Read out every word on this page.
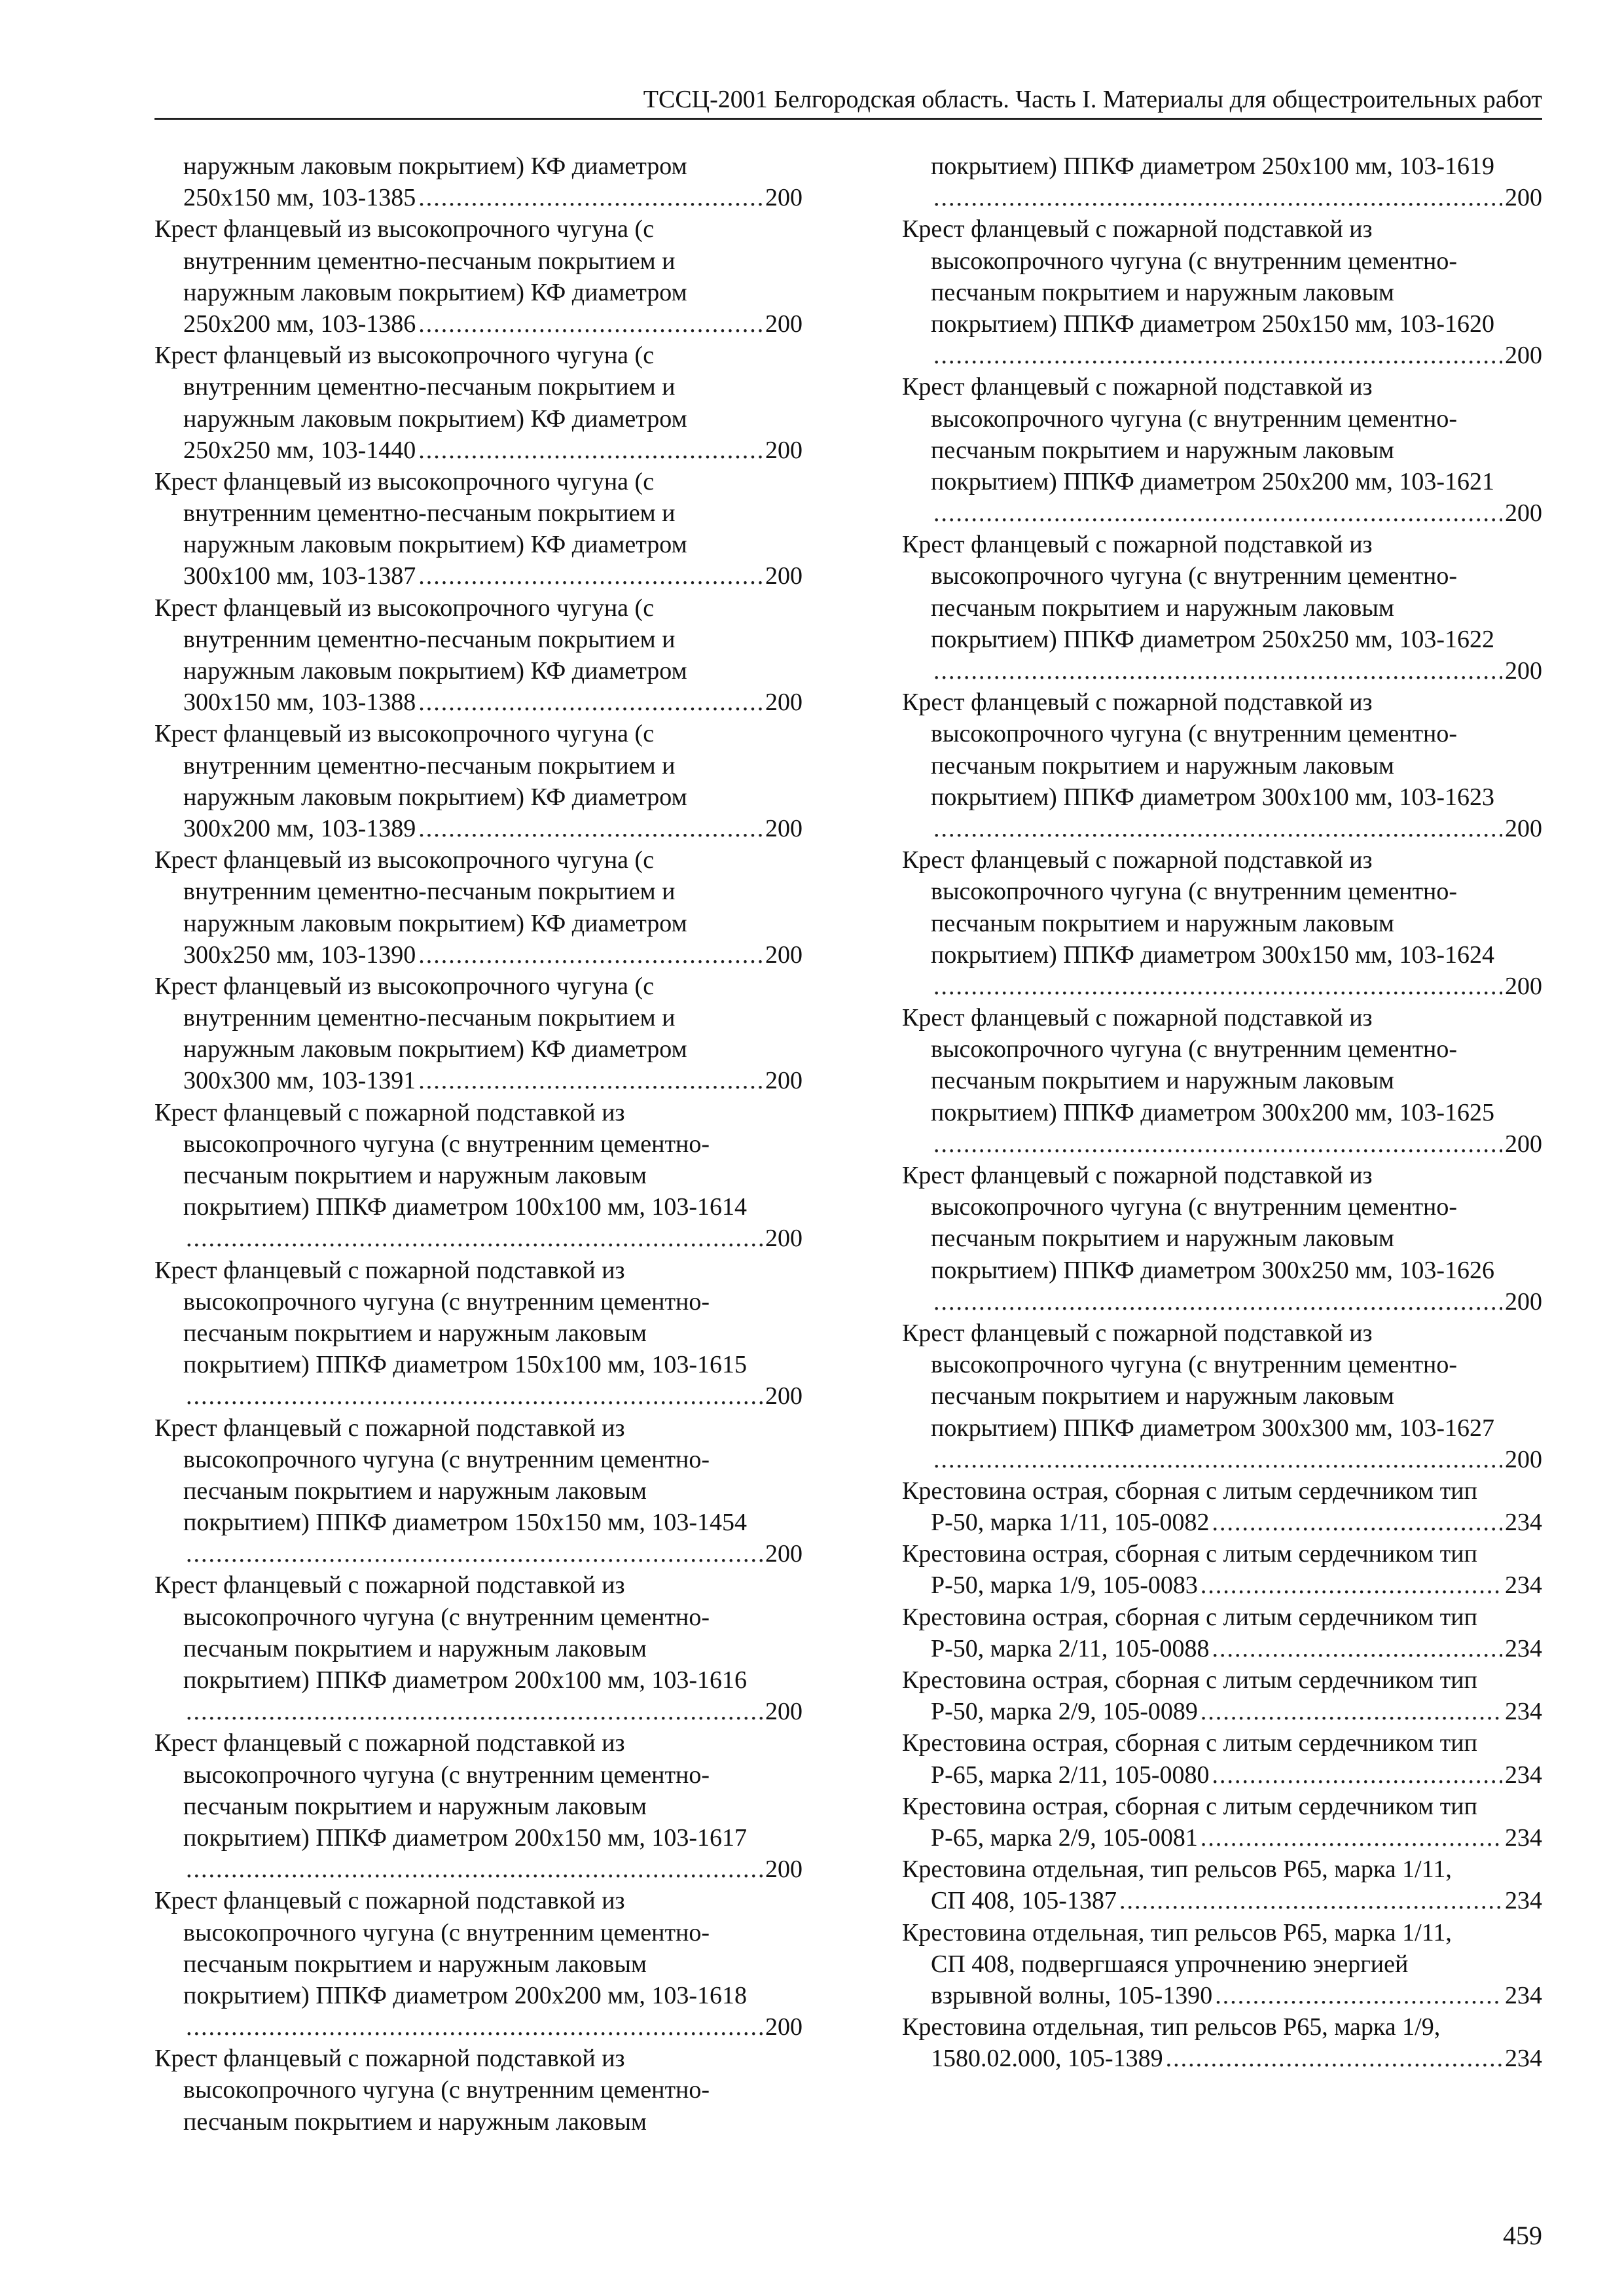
ТССЦ-2001 Белгородская область. Часть I. Материалы для общестроительных работ
наружным лаковым покрытием) КФ диаметром
250х150 мм, 103-1385 .....	200
Крест фланцевый из высокопрочного чугуна (с
внутренним цементно-песчаным покрытием и
наружным лаковым покрытием) КФ диаметром
250х200 мм, 103-1386 .....	200
Крест фланцевый из высокопрочного чугуна (с
внутренним цементно-песчаным покрытием и
наружным лаковым покрытием) КФ диаметром
250х250 мм, 103-1440 .....	200
Крест фланцевый из высокопрочного чугуна (с
внутренним цементно-песчаным покрытием и
наружным лаковым покрытием) КФ диаметром
300х100 мм, 103-1387 .....	200
Крест фланцевый из высокопрочного чугуна (с
внутренним цементно-песчаным покрытием и
наружным лаковым покрытием) КФ диаметром
300х150 мм, 103-1388 .....	200
Крест фланцевый из высокопрочного чугуна (с
внутренним цементно-песчаным покрытием и
наружным лаковым покрытием) КФ диаметром
300х200 мм, 103-1389 .....	200
Крест фланцевый из высокопрочного чугуна (с
внутренним цементно-песчаным покрытием и
наружным лаковым покрытием) КФ диаметром
300х250 мм, 103-1390 .....	200
Крест фланцевый из высокопрочного чугуна (с
внутренним цементно-песчаным покрытием и
наружным лаковым покрытием) КФ диаметром
300х300 мм, 103-1391 .....	200
Крест фланцевый с пожарной подставкой из
высокопрочного чугуна (с внутренним цементно-
песчаным покрытием и наружным лаковым
покрытием) ППКФ диаметром 100х100 мм, 103-1614
.....
200
Крест фланцевый с пожарной подставкой из
высокопрочного чугуна (с внутренним цементно-
песчаным покрытием и наружным лаковым
покрытием) ППКФ диаметром 150х100 мм, 103-1615
.....
200
Крест фланцевый с пожарной подставкой из
высокопрочного чугуна (с внутренним цементно-
песчаным покрытием и наружным лаковым
покрытием) ППКФ диаметром 150х150 мм, 103-1454
.....
200
Крест фланцевый с пожарной подставкой из
высокопрочного чугуна (с внутренним цементно-
песчаным покрытием и наружным лаковым
покрытием) ППКФ диаметром 200х100 мм, 103-1616
.....
200
Крест фланцевый с пожарной подставкой из
высокопрочного чугуна (с внутренним цементно-
песчаным покрытием и наружным лаковым
покрытием) ППКФ диаметром 200х150 мм, 103-1617
.....
200
Крест фланцевый с пожарной подставкой из
высокопрочного чугуна (с внутренним цементно-
песчаным покрытием и наружным лаковым
покрытием) ППКФ диаметром 200х200 мм, 103-1618
.....
200
Крест фланцевый с пожарной подставкой из
высокопрочного чугуна (с внутренним цементно-
песчаным покрытием и наружным лаковым
покрытием) ППКФ диаметром 250х100 мм, 103-1619
.....
200
Крест фланцевый с пожарной подставкой из
высокопрочного чугуна (с внутренним цементно-
песчаным покрытием и наружным лаковым
покрытием) ППКФ диаметром 250х150 мм, 103-1620
.....
200
Крест фланцевый с пожарной подставкой из
высокопрочного чугуна (с внутренним цементно-
песчаным покрытием и наружным лаковым
покрытием) ППКФ диаметром 250х200 мм, 103-1621
.....
200
Крест фланцевый с пожарной подставкой из
высокопрочного чугуна (с внутренним цементно-
песчаным покрытием и наружным лаковым
покрытием) ППКФ диаметром 250х250 мм, 103-1622
.....
200
Крест фланцевый с пожарной подставкой из
высокопрочного чугуна (с внутренним цементно-
песчаным покрытием и наружным лаковым
покрытием) ППКФ диаметром 300х100 мм, 103-1623
.....
200
Крест фланцевый с пожарной подставкой из
высокопрочного чугуна (с внутренним цементно-
песчаным покрытием и наружным лаковым
покрытием) ППКФ диаметром 300х150 мм, 103-1624
.....
200
Крест фланцевый с пожарной подставкой из
высокопрочного чугуна (с внутренним цементно-
песчаным покрытием и наружным лаковым
покрытием) ППКФ диаметром 300х200 мм, 103-1625
.....
200
Крест фланцевый с пожарной подставкой из
высокопрочного чугуна (с внутренним цементно-
песчаным покрытием и наружным лаковым
покрытием) ППКФ диаметром 300х250 мм, 103-1626
.....
200
Крест фланцевый с пожарной подставкой из
высокопрочного чугуна (с внутренним цементно-
песчаным покрытием и наружным лаковым
покрытием) ППКФ диаметром 300х300 мм, 103-1627
.....
200
Крестовина острая, сборная с литым сердечником тип
Р-50, марка 1/11, 105-0082 .....	234
Крестовина острая, сборная с литым сердечником тип
Р-50, марка 1/9, 105-0083 .....	234
Крестовина острая, сборная с литым сердечником тип
Р-50, марка 2/11, 105-0088 .....	234
Крестовина острая, сборная с литым сердечником тип
Р-50, марка 2/9, 105-0089 .....	234
Крестовина острая, сборная с литым сердечником тип
Р-65, марка 2/11, 105-0080 .....	234
Крестовина острая, сборная с литым сердечником тип
Р-65, марка 2/9, 105-0081 .....	234
Крестовина отдельная, тип рельсов Р65, марка 1/11,
СП 408, 105-1387 .....	234
Крестовина отдельная, тип рельсов Р65, марка 1/11,
СП 408, подвергшаяся упрочнению энергией
взрывной волны, 105-1390 .....	234
Крестовина отдельная, тип рельсов Р65, марка 1/9,
1580.02.000, 105-1389 .....	234
459
